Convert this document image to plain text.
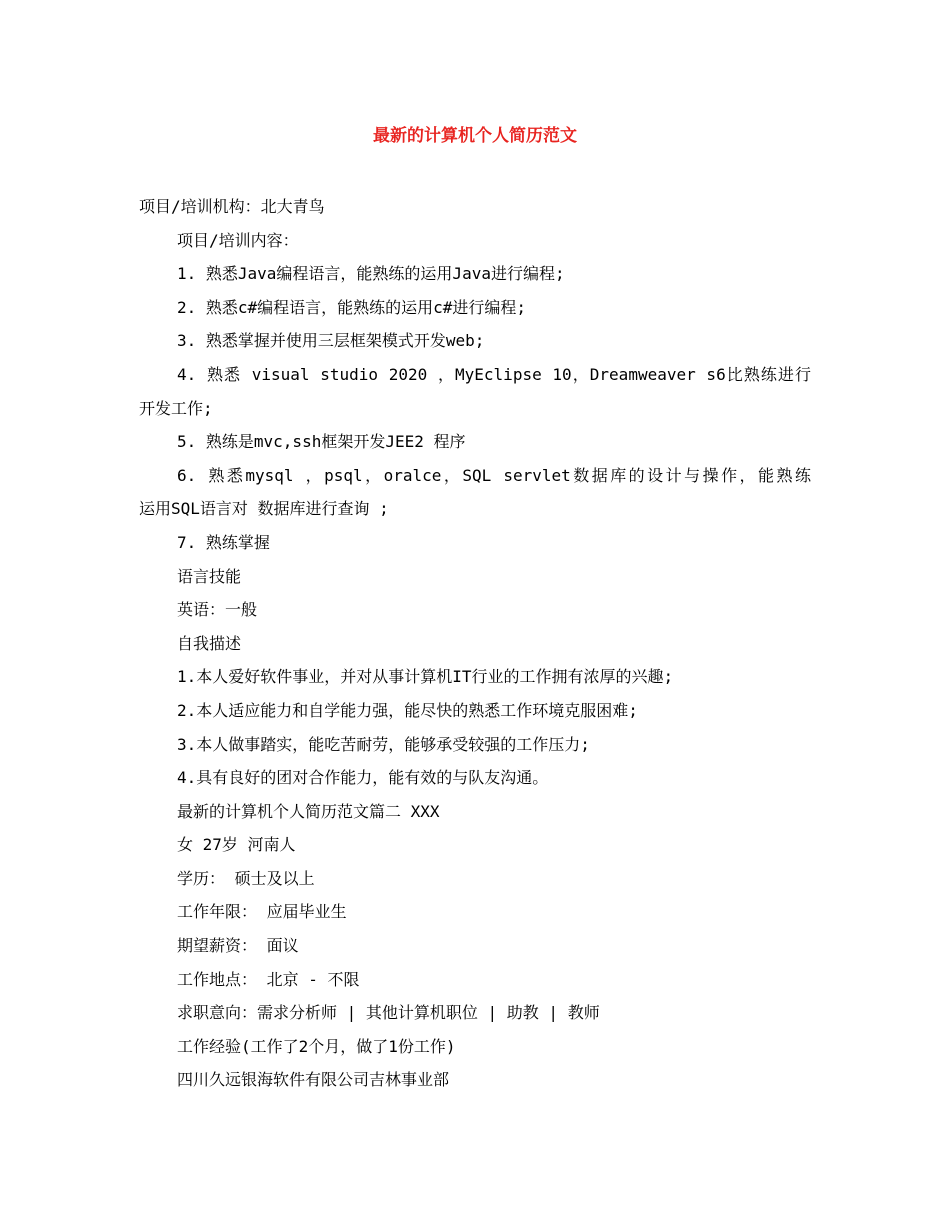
最新的计算机个人简历范文
项目/培训机构：北大青鸟
项目/培训内容：
1. 熟悉Java编程语言，能熟练的运用Java进行编程;
2. 熟悉c#编程语言，能熟练的运用c#进行编程;
3. 熟悉掌握并使用三层框架模式开发web;
4. 熟悉 visual studio 2020 ，MyEclipse 10，Dreamweaver s6比熟练进行
开发工作;
5. 熟练是mvc,ssh框架开发JEE2 程序
6. 熟悉mysql ，psql，oralce，SQL servlet数据库的设计与操作，能熟练
运用SQL语言对 数据库进行查询 ;
7. 熟练掌握
语言技能
英语：一般
自我描述
1.本人爱好软件事业，并对从事计算机IT行业的工作拥有浓厚的兴趣;
2.本人适应能力和自学能力强，能尽快的熟悉工作环境克服困难;
3.本人做事踏实，能吃苦耐劳，能够承受较强的工作压力;
4.具有良好的团对合作能力，能有效的与队友沟通。
最新的计算机个人简历范文篇二 XXX
女 27岁 河南人
学历： 硕士及以上
工作年限： 应届毕业生
期望薪资： 面议
工作地点： 北京 - 不限
求职意向：需求分析师 | 其他计算机职位 | 助教 | 教师
工作经验(工作了2个月，做了1份工作)
四川久远银海软件有限公司吉林事业部
